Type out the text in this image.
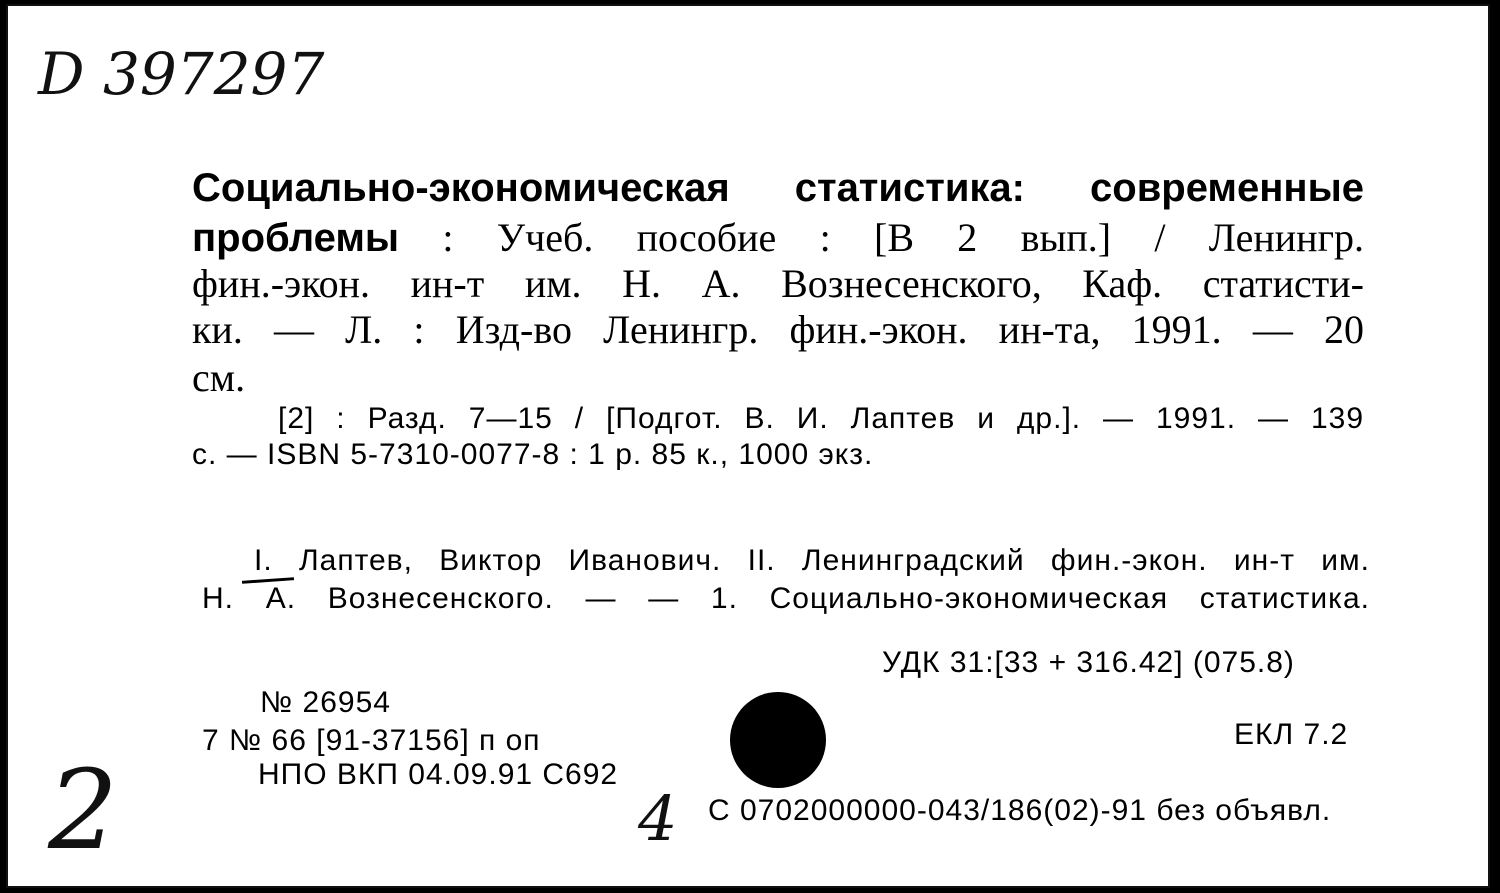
D 397297
Социально-экономическая статистика: современные
проблемы : Учеб. пособие : [В 2 вып.] / Ленингр.
фин.-экон. ин-т им. Н. А. Вознесенского, Каф. статисти-
ки. — Л. : Изд-во Ленингр. фин.-экон. ин-та, 1991. — 20
см.
[2] : Разд. 7—15 / [Подгот. В. И. Лаптев и др.]. — 1991. — 139
с. — ISBN 5-7310-0077-8 : 1 р. 85 к., 1000 экз.
I. Лаптев, Виктор Иванович. II. Ленинградский фин.-экон. ин-т им.
Н. А. Вознесенского. — — 1. Социально-экономическая статистика.
УДК 31:[33 + 316.42] (075.8)
№ 26954
7 № 66 [91-37156] п оп	ЕКЛ 7.2
НПО ВКП 04.09.91 С692
2	4 С 0702000000-043/186(02)-91 без объявл.
